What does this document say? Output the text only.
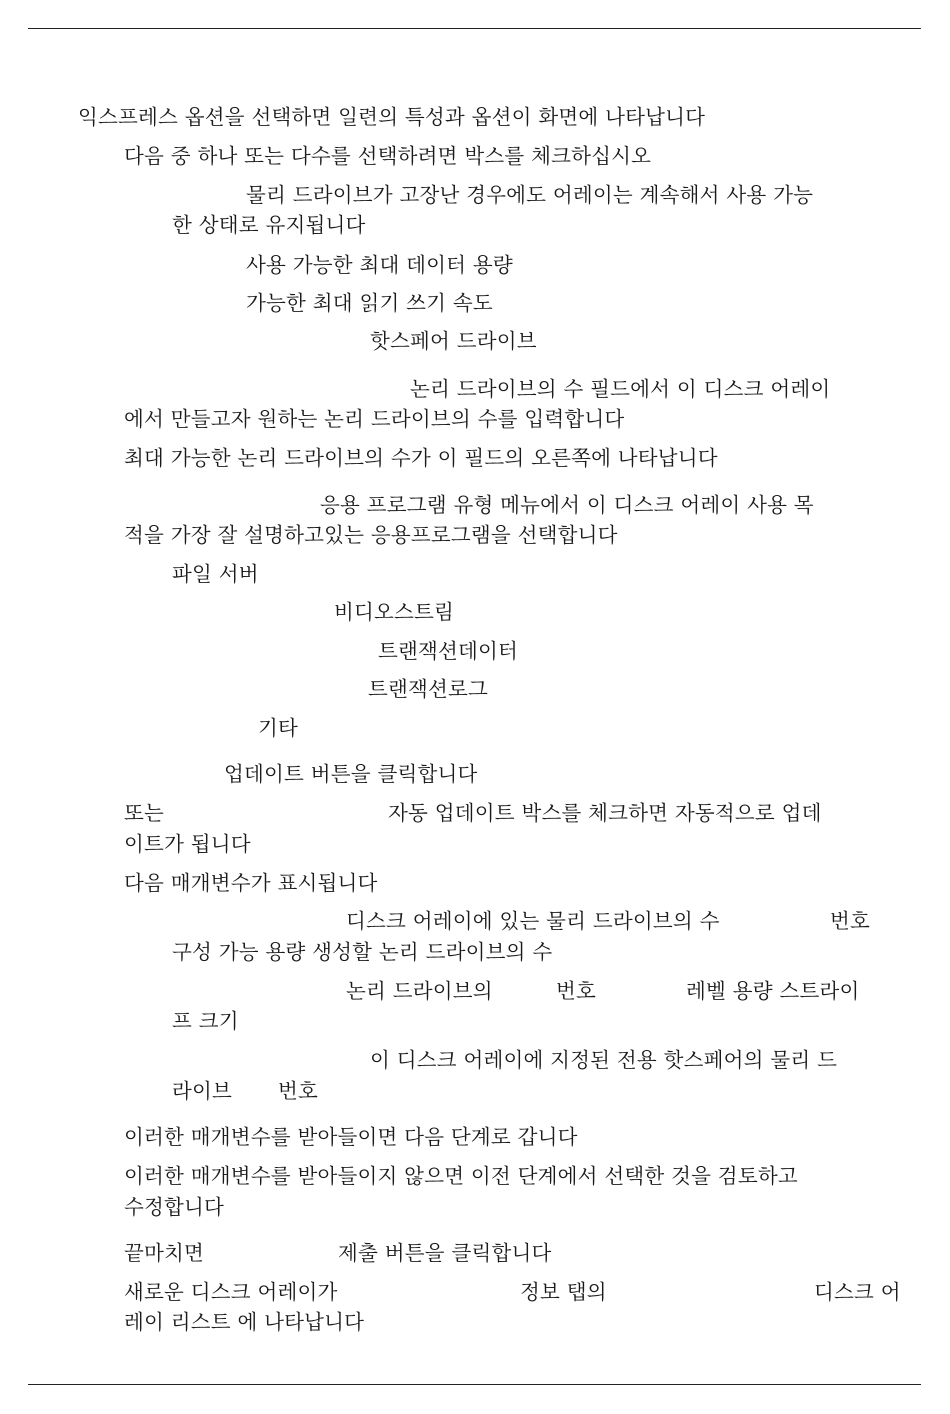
익스프레스 옵션을 선택하면 일련의 특성과 옵션이 화면에 나타납니다
다음 중 하나 또는 다수를 선택하려면 박스를 체크하십시오
물리 드라이브가 고장난 경우에도 어레이는 계속해서 사용 가능
한 상태로 유지됩니다
사용 가능한 최대 데이터 용량
가능한 최대 읽기 쓰기 속도
핫스페어 드라이브
논리 드라이브의 수 필드에서 이 디스크 어레이
에서 만들고자 원하는 논리 드라이브의 수를 입력합니다
최대 가능한 논리 드라이브의 수가 이 필드의 오른쪽에 나타납니다
응용 프로그램 유형 메뉴에서 이 디스크 어레이 사용 목
적을 가장 잘 설명하고있는 응용프로그램을 선택합니다
파일 서버
비디오스트림
트랜잭션데이터
트랜잭션로그
기타
업데이트 버튼을 클릭합니다
또는	자동 업데이트 박스를 체크하면 자동적으로 업데
이트가 됩니다
다음 매개변수가 표시됩니다
디스크 어레이에 있는 물리 드라이브의 수	번호
구성 가능 용량 생성할 논리 드라이브의 수
논리 드라이브의	번호	레벨 용량 스트라이
프 크기
이 디스크 어레이에 지정된 전용 핫스페어의 물리 드
라이브 번호
이러한 매개변수를 받아들이면 다음 단계로 갑니다
이러한 매개변수를 받아들이지 않으면 이전 단계에서 선택한 것을 검토하고
수정합니다
끝마치면	제출 버튼을 클릭합니다
새로운 디스크 어레이가	정보 탭의	디스크 어
레이 리스트 에 나타납니다
